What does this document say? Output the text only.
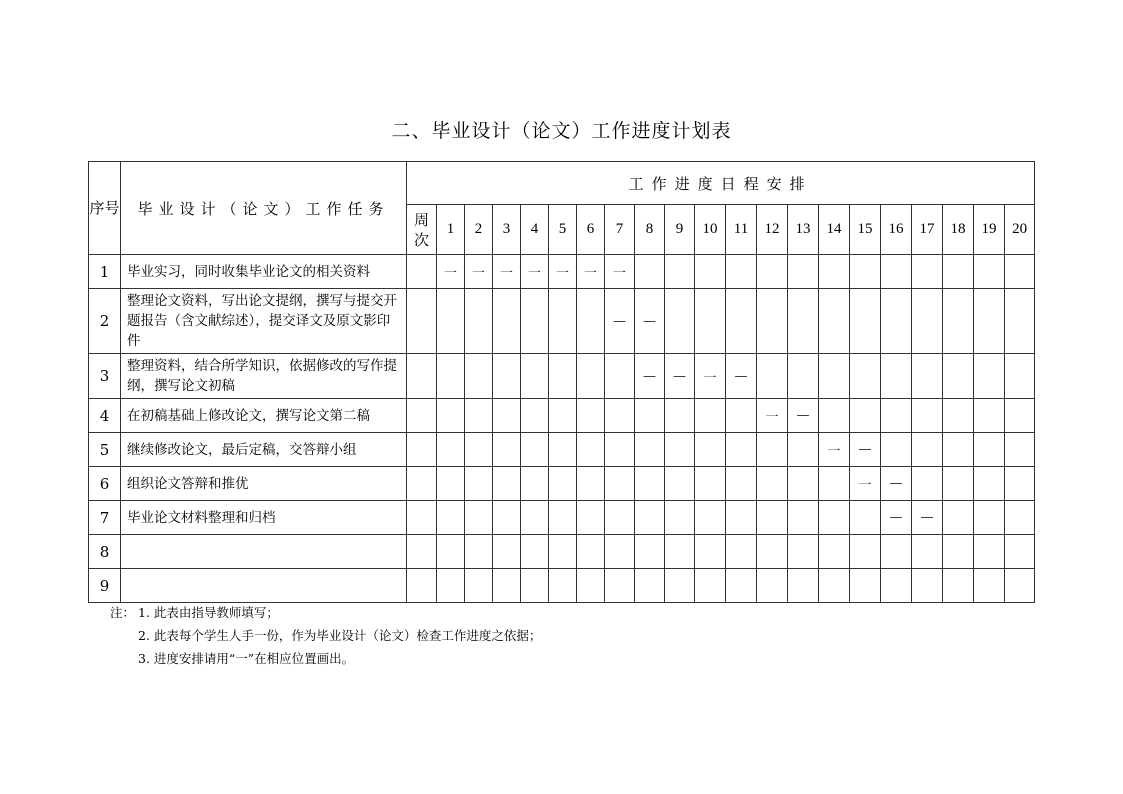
二、毕业设计（论文）工作进度计划表
序号	毕业设计（论文）工作任务	工作进度日程安排																				
		周次	1	2	3	4	5	6	7	8	9	10	11	12	13	14	15	16	17	18	19	20
1	毕业实习，同时收集毕业论文的相关资料		一	一	一	一	一	一	一													
2	整理论文资料，写出论文提纲，撰写与提交开题报告（含文献综述），提交译文及原文影印件								—	—												
3	整理资料，结合所学知识，依据修改的写作提纲，撰写论文初稿									—	—	一	—									
4	在初稿基础上修改论文，撰写论文第二稿													一	—							
5	继续修改论文，最后定稿，交答辩小组															一	—					
6	组织论文答辩和推优																一	—				
7	毕业论文材料整理和归档																	—	—			
8																						
9																						
注： 1. 此表由指导教师填写；
2. 此表每个学生人手一份，作为毕业设计（论文）检查工作进度之依据；
3. 进度安排请用“一”在相应位置画出。
